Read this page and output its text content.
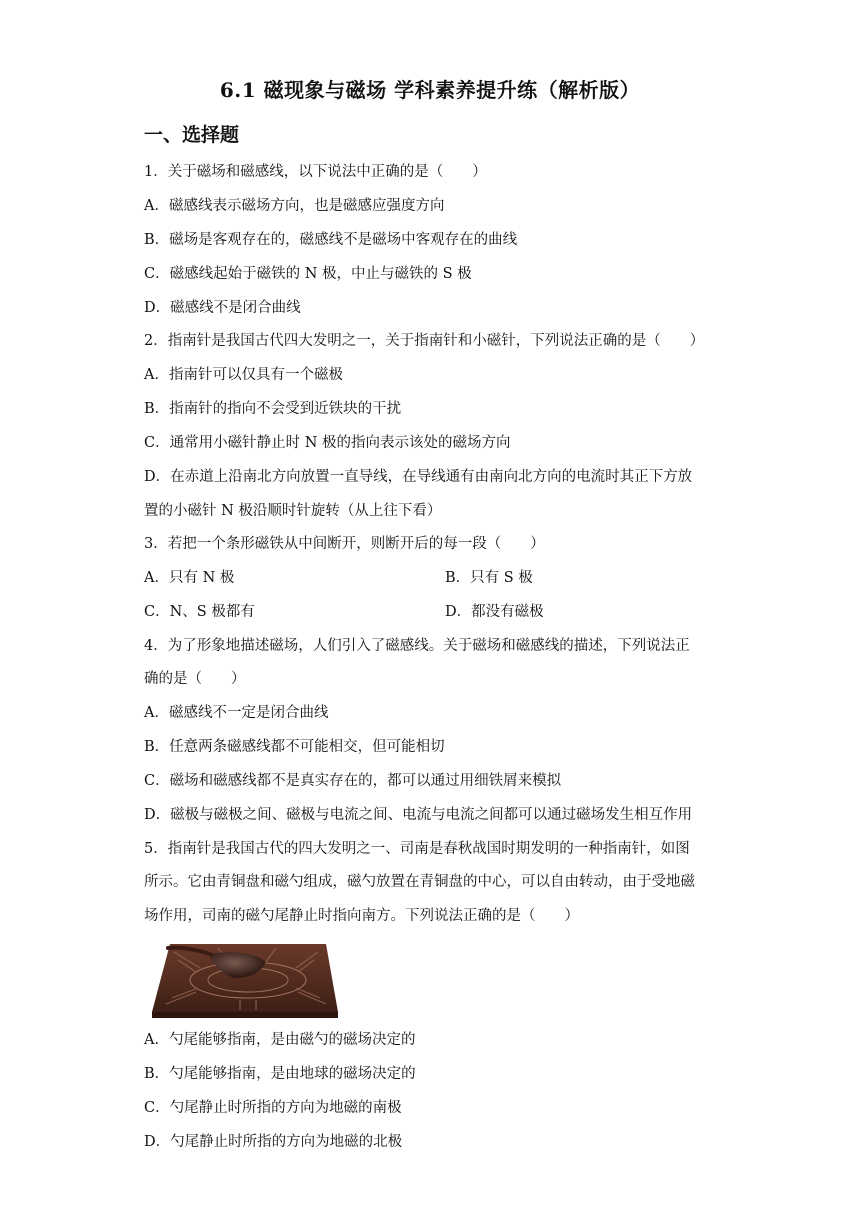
6.1 磁现象与磁场 学科素养提升练（解析版）
一、选择题
1．关于磁场和磁感线，以下说法中正确的是（　　）
A．磁感线表示磁场方向，也是磁感应强度方向
B．磁场是客观存在的，磁感线不是磁场中客观存在的曲线
C．磁感线起始于磁铁的 N 极，中止与磁铁的 S 极
D．磁感线不是闭合曲线
2．指南针是我国古代四大发明之一，关于指南针和小磁针，下列说法正确的是（　　）
A．指南针可以仅具有一个磁极
B．指南针的指向不会受到近铁块的干扰
C．通常用小磁针静止时 N 极的指向表示该处的磁场方向
D．在赤道上沿南北方向放置一直导线，在导线通有由南向北方向的电流时其正下方放
置的小磁针 N 极沿顺时针旋转（从上往下看）
3．若把一个条形磁铁从中间断开，则断开后的每一段（　　）
A．只有 N 极	B．只有 S 极
C．N、S 极都有	D．都没有磁极
4．为了形象地描述磁场，人们引入了磁感线。关于磁场和磁感线的描述，下列说法正
确的是（　　）
A．磁感线不一定是闭合曲线
B．任意两条磁感线都不可能相交，但可能相切
C．磁场和磁感线都不是真实存在的，都可以通过用细铁屑来模拟
D．磁极与磁极之间、磁极与电流之间、电流与电流之间都可以通过磁场发生相互作用
5．指南针是我国古代的四大发明之一、司南是春秋战国时期发明的一种指南针，如图
所示。它由青铜盘和磁勺组成，磁勺放置在青铜盘的中心，可以自由转动，由于受地磁
场作用，司南的磁勺尾静止时指向南方。下列说法正确的是（　　）
A．勺尾能够指南，是由磁勺的磁场决定的
B．勺尾能够指南，是由地球的磁场决定的
C．勺尾静止时所指的方向为地磁的南极
D．勺尾静止时所指的方向为地磁的北极
